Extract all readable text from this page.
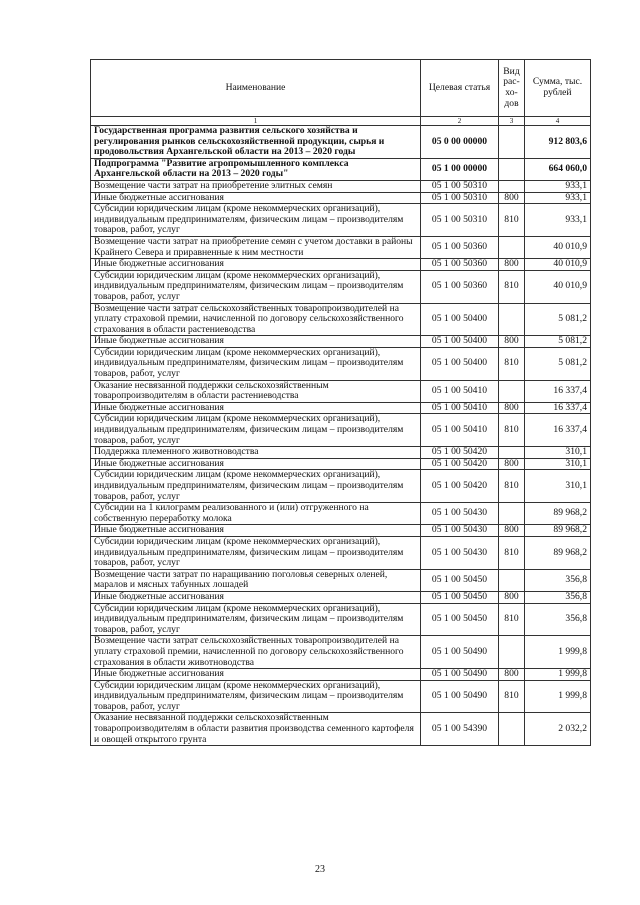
Наименование	Целевая статья	Вид рас-хо-дов	Сумма, тыс. рублей
1	2	3	4
Государственная программа развития сельского хозяйства и регулирования рынков сельскохозяйственной продукции, сырья и продовольствия Архангельской области на 2013 – 2020 годы	05 0 00 00000		912 803,6
Подпрограмма "Развитие агропромышленного комплекса Архангельской области на 2013 – 2020 годы"	05 1 00 00000		664 060,0
Возмещение части затрат на приобретение элитных семян	05 1 00 50310		933,1
Иные бюджетные ассигнования	05 1 00 50310	800	933,1
Субсидии юридическим лицам (кроме некоммерческих организаций), индивидуальным предпринимателям, физическим лицам – производителям товаров, работ, услуг	05 1 00 50310	810	933,1
Возмещение части затрат на приобретение семян с учетом доставки в районы Крайнего Севера и приравненные к ним местности	05 1 00 50360		40 010,9
Иные бюджетные ассигнования	05 1 00 50360	800	40 010,9
Субсидии юридическим лицам (кроме некоммерческих организаций), индивидуальным предпринимателям, физическим лицам – производителям товаров, работ, услуг	05 1 00 50360	810	40 010,9
Возмещение части затрат сельскохозяйственных товаропроизводителей на уплату страховой премии, начисленной по договору сельскохозяйственного страхования в области растениеводства	05 1 00 50400		5 081,2
Иные бюджетные ассигнования	05 1 00 50400	800	5 081,2
Субсидии юридическим лицам (кроме некоммерческих организаций), индивидуальным предпринимателям, физическим лицам – производителям товаров, работ, услуг	05 1 00 50400	810	5 081,2
Оказание несвязанной поддержки сельскохозяйственным товаропроизводителям в области растениеводства	05 1 00 50410		16 337,4
Иные бюджетные ассигнования	05 1 00 50410	800	16 337,4
Субсидии юридическим лицам (кроме некоммерческих организаций), индивидуальным предпринимателям, физическим лицам – производителям товаров, работ, услуг	05 1 00 50410	810	16 337,4
Поддержка племенного животноводства	05 1 00 50420		310,1
Иные бюджетные ассигнования	05 1 00 50420	800	310,1
Субсидии юридическим лицам (кроме некоммерческих организаций), индивидуальным предпринимателям, физическим лицам – производителям товаров, работ, услуг	05 1 00 50420	810	310,1
Субсидии на 1 килограмм реализованного и (или) отгруженного на собственную переработку молока	05 1 00 50430		89 968,2
Иные бюджетные ассигнования	05 1 00 50430	800	89 968,2
Субсидии юридическим лицам (кроме некоммерческих организаций), индивидуальным предпринимателям, физическим лицам – производителям товаров, работ, услуг	05 1 00 50430	810	89 968,2
Возмещение части затрат по наращиванию поголовья северных оленей, маралов и мясных табунных лошадей	05 1 00 50450		356,8
Иные бюджетные ассигнования	05 1 00 50450	800	356,8
Субсидии юридическим лицам (кроме некоммерческих организаций), индивидуальным предпринимателям, физическим лицам – производителям товаров, работ, услуг	05 1 00 50450	810	356,8
Возмещение части затрат сельскохозяйственных товаропроизводителей на уплату страховой премии, начисленной по договору сельскохозяйственного страхования в области животноводства	05 1 00 50490		1 999,8
Иные бюджетные ассигнования	05 1 00 50490	800	1 999,8
Субсидии юридическим лицам (кроме некоммерческих организаций), индивидуальным предпринимателям, физическим лицам – производителям товаров, работ, услуг	05 1 00 50490	810	1 999,8
Оказание несвязанной поддержки сельскохозяйственным товаропроизводителям в области развития производства семенного картофеля и овощей открытого грунта	05 1 00 54390		2 032,2
23
